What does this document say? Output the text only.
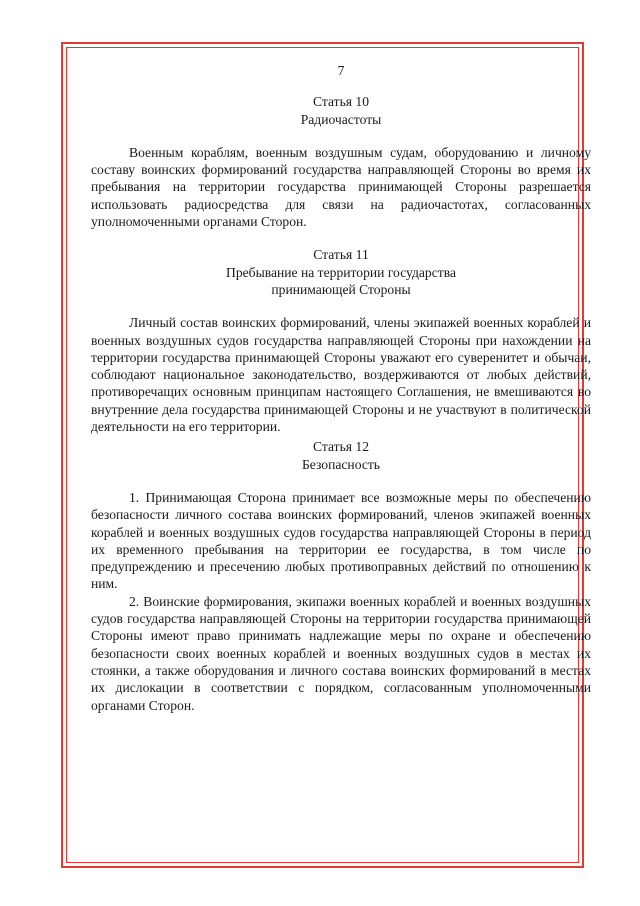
7

Статья 10

Радиочастоты

Военным кораблям, военным воздушным судам, оборудованию и личному составу воинских формирований государства направляющей Стороны во время их пребывания на территории государства принимающей Стороны разрешается использовать радиосредства для связи на радиочастотах, согласованных уполномоченными органами Сторон.

Статья 11

Пребывание на территории государства

принимающей Стороны

Личный состав воинских формирований, члены экипажей военных кораблей и военных воздушных судов государства направляющей Стороны при нахождении на территории государства принимающей Стороны уважают его суверенитет и обычаи, соблюдают национальное законодательство, воздерживаются от любых действий, противоречащих основным принципам настоящего Соглашения, не вмешиваются во внутренние дела государства принимающей Стороны и не участвуют в политической деятельности на его территории.

Статья 12

Безопасность

1. Принимающая Сторона принимает все возможные меры по обеспечению безопасности личного состава воинских формирований, членов экипажей военных кораблей и военных воздушных судов государства направляющей Стороны в период их временного пребывания на территории ее государства, в том числе по предупреждению и пресечению любых противоправных действий по отношению к ним.

2. Воинские формирования, экипажи военных кораблей и военных воздушных судов государства направляющей Стороны на территории государства принимающей Стороны имеют право принимать надлежащие меры по охране и обеспечению безопасности своих военных кораблей и военных воздушных судов в местах их стоянки, а также оборудования и личного состава воинских формирований в местах их дислокации в соответствии с порядком, согласованным уполномоченными органами Сторон.
